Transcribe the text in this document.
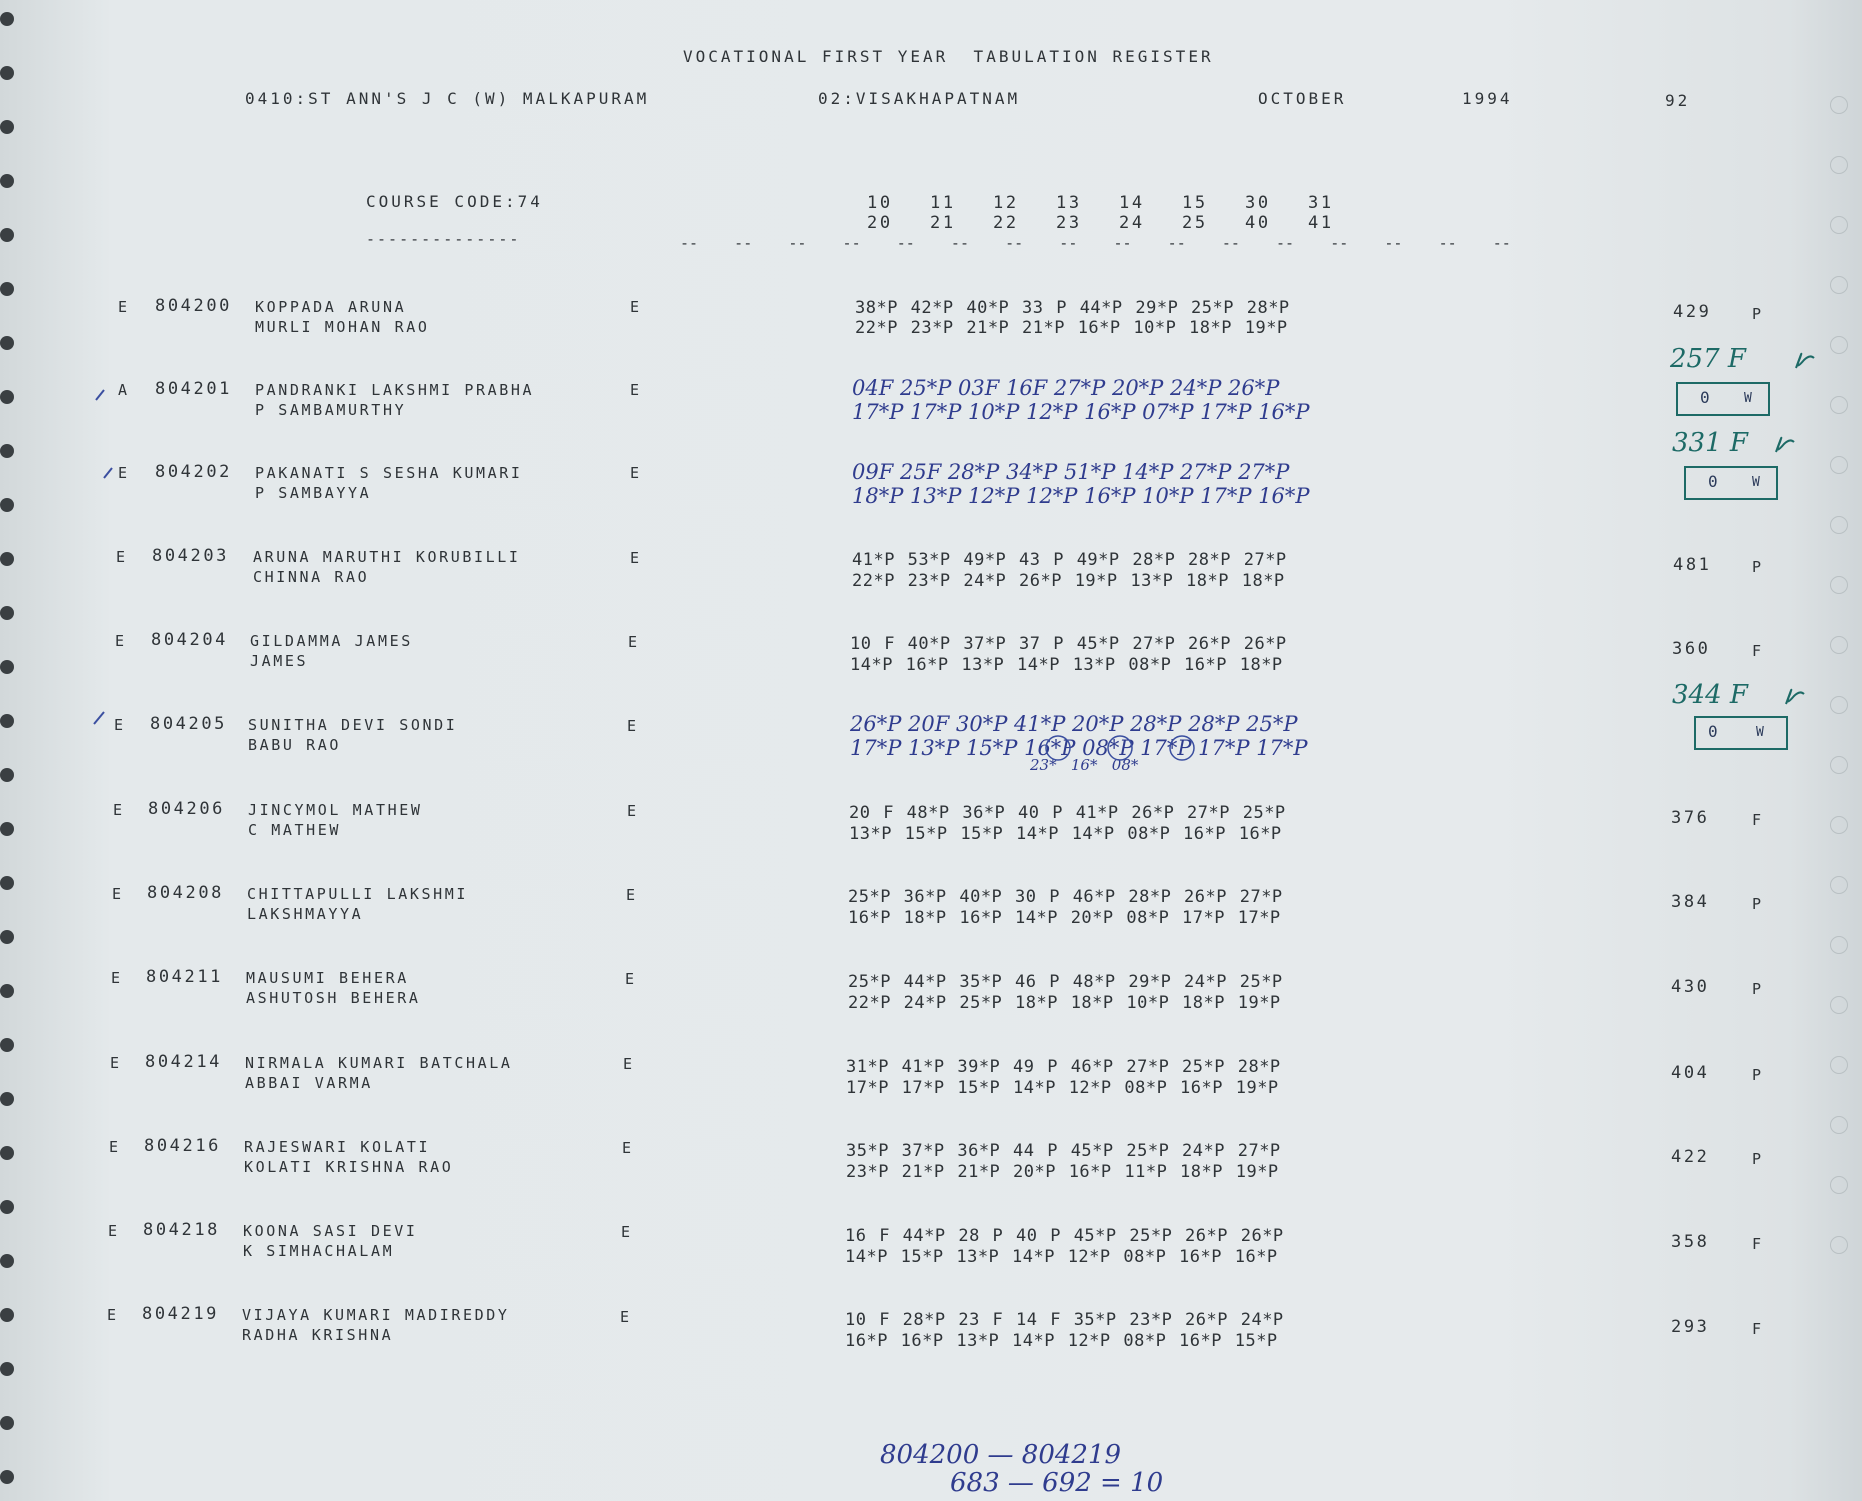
VOCATIONAL FIRST YEAR  TABULATION REGISTER
0410:ST ANN'S J C (W) MALKAPURAM	02:VISAKHAPATNAM	OCTOBER	1994	92
COURSE CODE:74
--------------
10 11 12 13 14 15 30 31
20 21 22 23 24 25 40 41
--    --    --    --    --    --    --    --    --    --    --    --    --    --    --    --
E 804200 KOPPADA ARUNA
MURLI MOHAN RAO
E	38*P 42*P 40*P 33 P 44*P 29*P 25*P 28*P
22*P 23*P 21*P 21*P 16*P 10*P 18*P 19*P
429	P
A 804201 PANDRANKI LAKSHMI PRABHA
P SAMBAMURTHY
E	04F 25*P 03F 16F 27*P 20*P 24*P 26*P
17*P 17*P 10*P 12*P 16*P 07*P 17*P 16*P
257 F
0	W
E 804202 PAKANATI S SESHA KUMARI
P SAMBAYYA
E	09F 25F 28*P 34*P 51*P 14*P 27*P 27*P
18*P 13*P 12*P 12*P 16*P 10*P 17*P 16*P
331 F
0	W
E 804203 ARUNA MARUTHI KORUBILLI
CHINNA RAO
E	41*P 53*P 49*P 43 P 49*P 28*P 28*P 27*P
22*P 23*P 24*P 26*P 19*P 13*P 18*P 18*P
481	P
E 804204 GILDAMMA JAMES
JAMES
E	10 F 40*P 37*P 37 P 45*P 27*P 26*P 26*P
14*P 16*P 13*P 14*P 13*P 08*P 16*P 18*P
360	F
E 804205 SUNITHA DEVI SONDI
BABU RAO
E	26*P 20F 30*P 41*P 20*P 28*P 28*P 25*P
17*P 13*P 15*P 16*P 08*P 17*P 17*P 17*P
23*   16*   08*
344 F
0	W
E 804206 JINCYMOL MATHEW
C MATHEW
E	20 F 48*P 36*P 40 P 41*P 26*P 27*P 25*P
13*P 15*P 15*P 14*P 14*P 08*P 16*P 16*P
376	F
E 804208 CHITTAPULLI LAKSHMI
LAKSHMAYYA
E	25*P 36*P 40*P 30 P 46*P 28*P 26*P 27*P
16*P 18*P 16*P 14*P 20*P 08*P 17*P 17*P
384	P
E 804211 MAUSUMI BEHERA
ASHUTOSH BEHERA
E	25*P 44*P 35*P 46 P 48*P 29*P 24*P 25*P
22*P 24*P 25*P 18*P 18*P 10*P 18*P 19*P
430	P
E 804214 NIRMALA KUMARI BATCHALA
ABBAI VARMA
E	31*P 41*P 39*P 49 P 46*P 27*P 25*P 28*P
17*P 17*P 15*P 14*P 12*P 08*P 16*P 19*P
404	P
E 804216 RAJESWARI KOLATI
KOLATI KRISHNA RAO
E	35*P 37*P 36*P 44 P 45*P 25*P 24*P 27*P
23*P 21*P 21*P 20*P 16*P 11*P 18*P 19*P
422	P
E 804218 KOONA SASI DEVI
K SIMHACHALAM
E	16 F 44*P 28 P 40 P 45*P 25*P 26*P 26*P
14*P 15*P 13*P 14*P 12*P 08*P 16*P 16*P
358	F
E 804219 VIJAYA KUMARI MADIREDDY
RADHA KRISHNA
E	10 F 28*P 23 F 14 F 35*P 23*P 26*P 24*P
16*P 16*P 13*P 14*P 12*P 08*P 16*P 15*P
293	F
804200 — 804219
683 — 692 = 10
